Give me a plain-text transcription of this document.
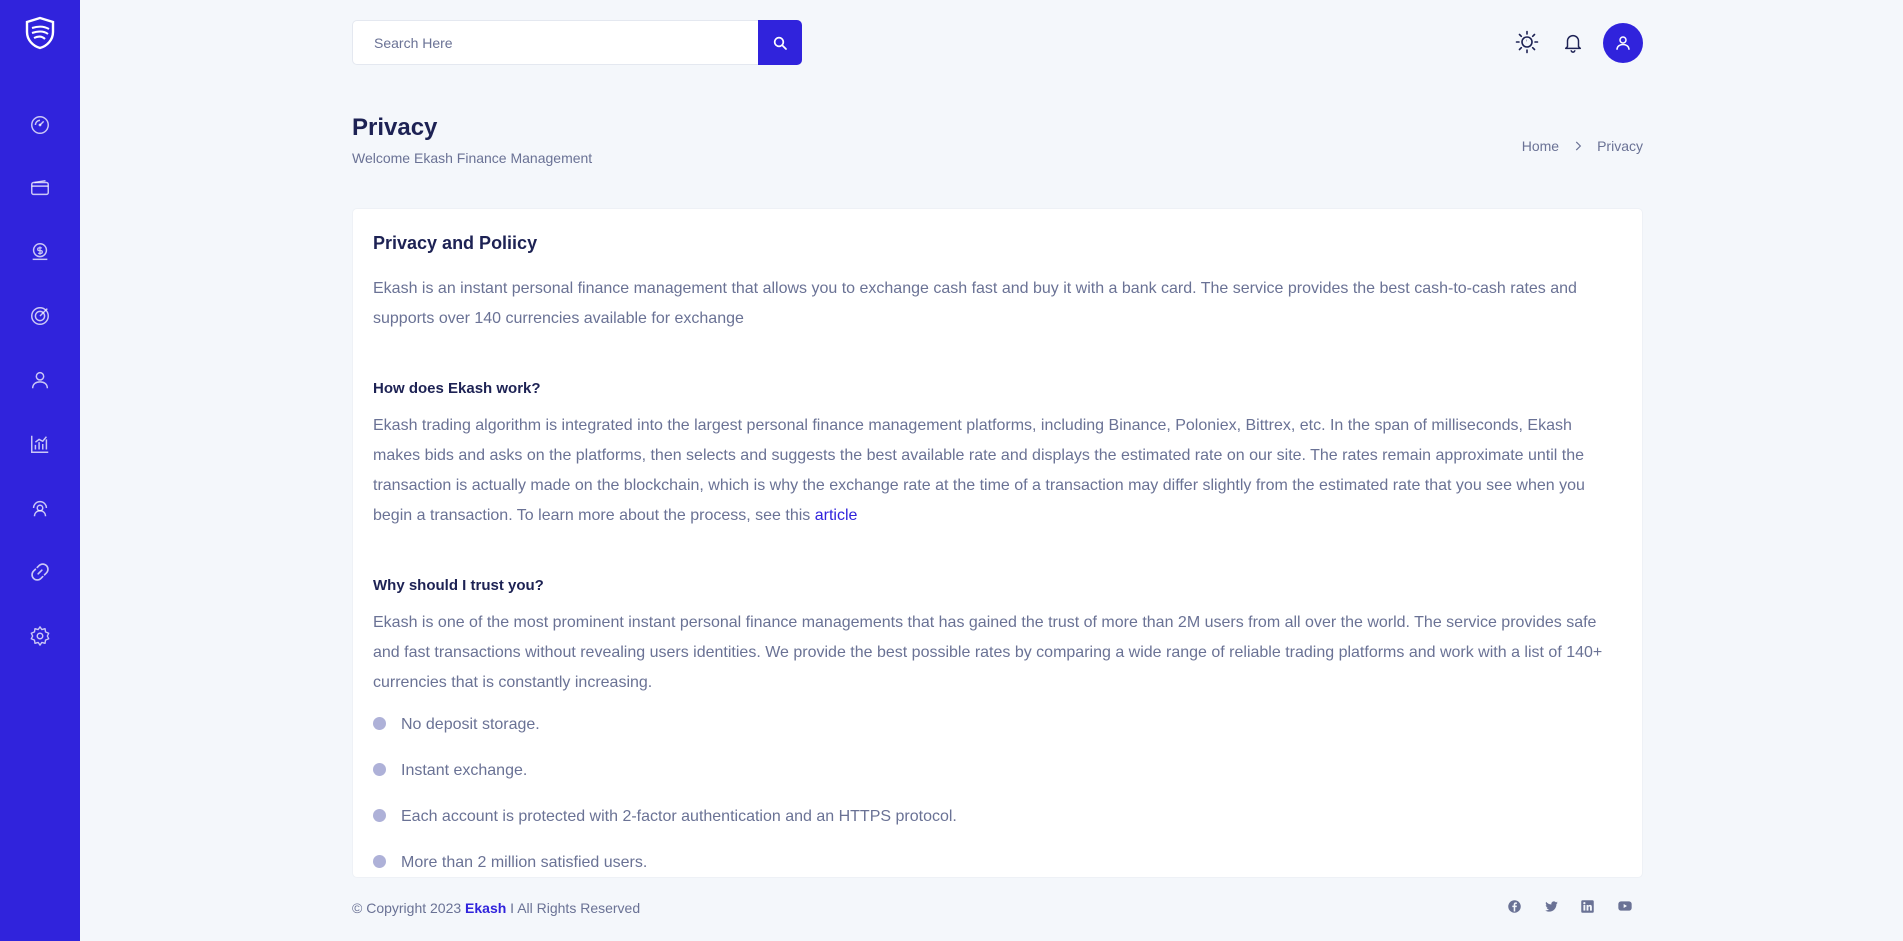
Search Here
Privacy
Welcome Ekash Finance Management
Home	Privacy
Privacy and Poliicy

Ekash is an instant personal finance management that allows you to exchange cash fast and buy it with a bank card. The service provides the best cash-to-cash rates and supports over 140 currencies available for exchange

How does Ekash work?

Ekash trading algorithm is integrated into the largest personal finance management platforms, including Binance, Poloniex, Bittrex, etc. In the span of milliseconds, Ekash makes bids and asks on the platforms, then selects and suggests the best available rate and displays the estimated rate on our site. The rates remain approximate until the transaction is actually made on the blockchain, which is why the exchange rate at the time of a transaction may differ slightly from the estimated rate that you see when you begin a transaction. To learn more about the process, see this article

Why should I trust you?

Ekash is one of the most prominent instant personal finance managements that has gained the trust of more than 2M users from all over the world. The service provides safe and fast transactions without revealing users identities. We provide the best possible rates by comparing a wide range of reliable trading platforms and work with a list of 140+ currencies that is constantly increasing.

No deposit storage.
Instant exchange.
Each account is protected with 2-factor authentication and an HTTPS protocol.
More than 2 million satisfied users.
© Copyright 2023 Ekash I All Rights Reserved
